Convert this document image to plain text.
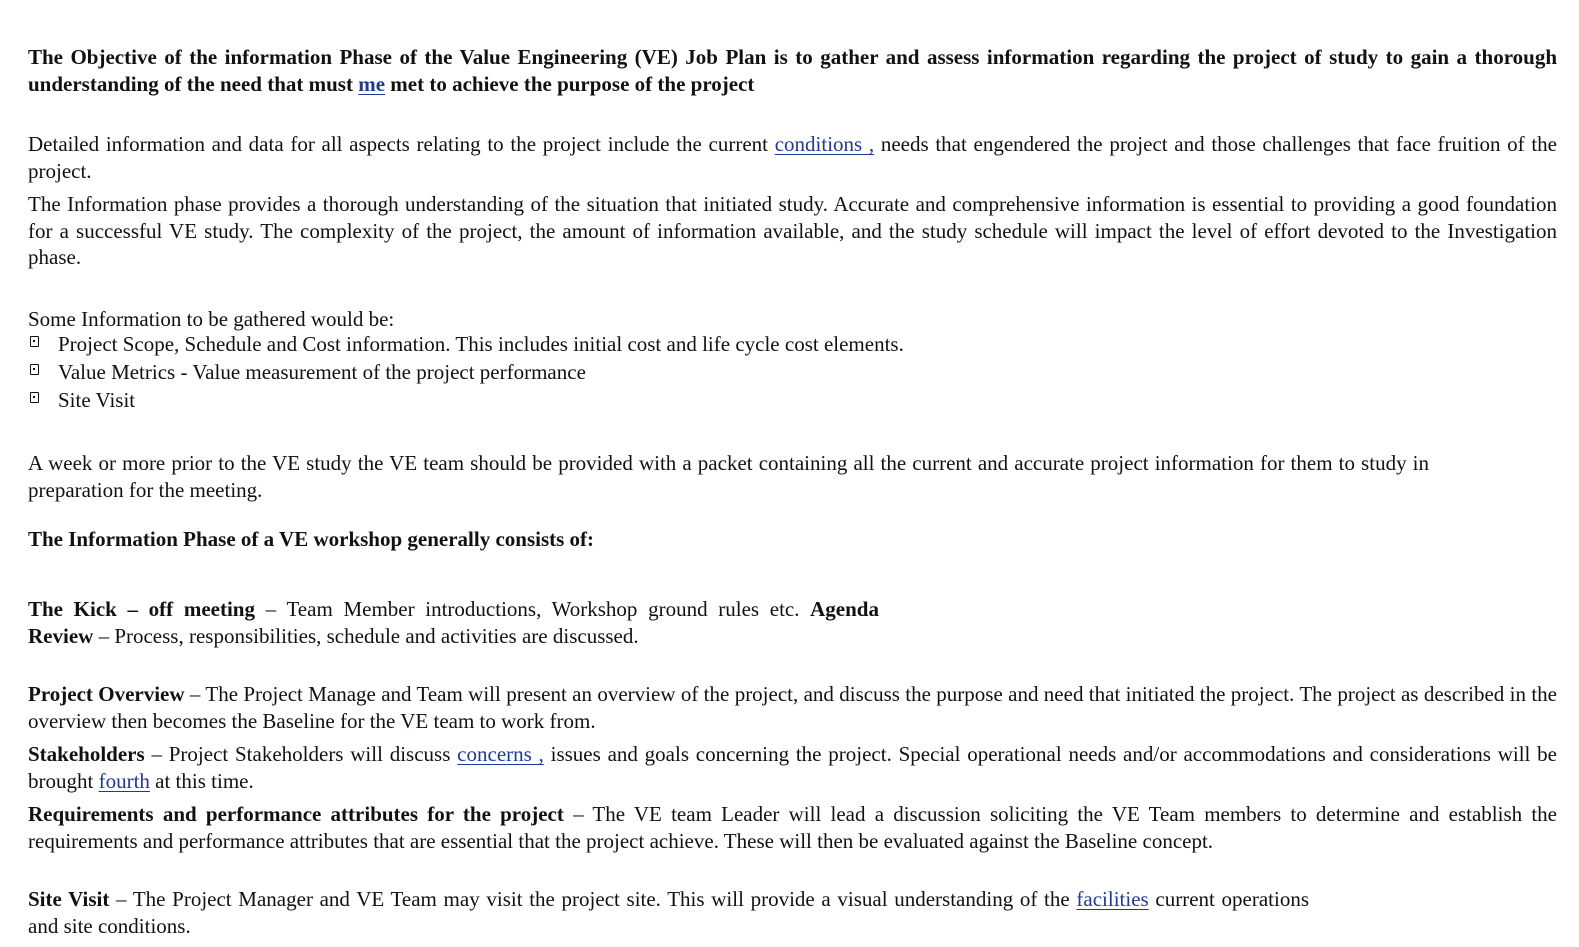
The Objective of the information Phase of the Value Engineering (VE) Job Plan is to gather and assess information regarding the project of study to gain a thorough understanding of the need that must me met to achieve the purpose of the project
Detailed information and data for all aspects relating to the project include the current conditions , needs that engendered the project and those challenges that face fruition of the project.
The Information phase provides a thorough understanding of the situation that initiated study. Accurate and comprehensive information is essential to providing a good foundation for a successful VE study. The complexity of the project, the amount of information available, and the study schedule will impact the level of effort devoted to the Investigation phase.
Some Information to be gathered would be:
Project Scope, Schedule and Cost information. This includes initial cost and life cycle cost elements.
Value Metrics - Value measurement of the project performance
Site Visit
A week or more prior to the VE study the VE team should be provided with a packet containing all the current and accurate project information for them to study in preparation for the meeting.
The Information Phase of a VE workshop generally consists of:
The Kick – off meeting – Team Member introductions, Workshop ground rules etc. Agenda Review – Process, responsibilities, schedule and activities are discussed.
Project Overview – The Project Manage and Team will present an overview of the project, and discuss the purpose and need that initiated the project. The project as described in the overview then becomes the Baseline for the VE team to work from.
Stakeholders – Project Stakeholders will discuss concerns , issues and goals concerning the project. Special operational needs and/or accommodations and considerations will be brought fourth at this time.
Requirements and performance attributes for the project – The VE team Leader will lead a discussion soliciting the VE Team members to determine and establish the requirements and performance attributes that are essential that the project achieve. These will then be evaluated against the Baseline concept.
Site Visit – The Project Manager and VE Team may visit the project site. This will provide a visual understanding of the facilities current operations and site conditions.
